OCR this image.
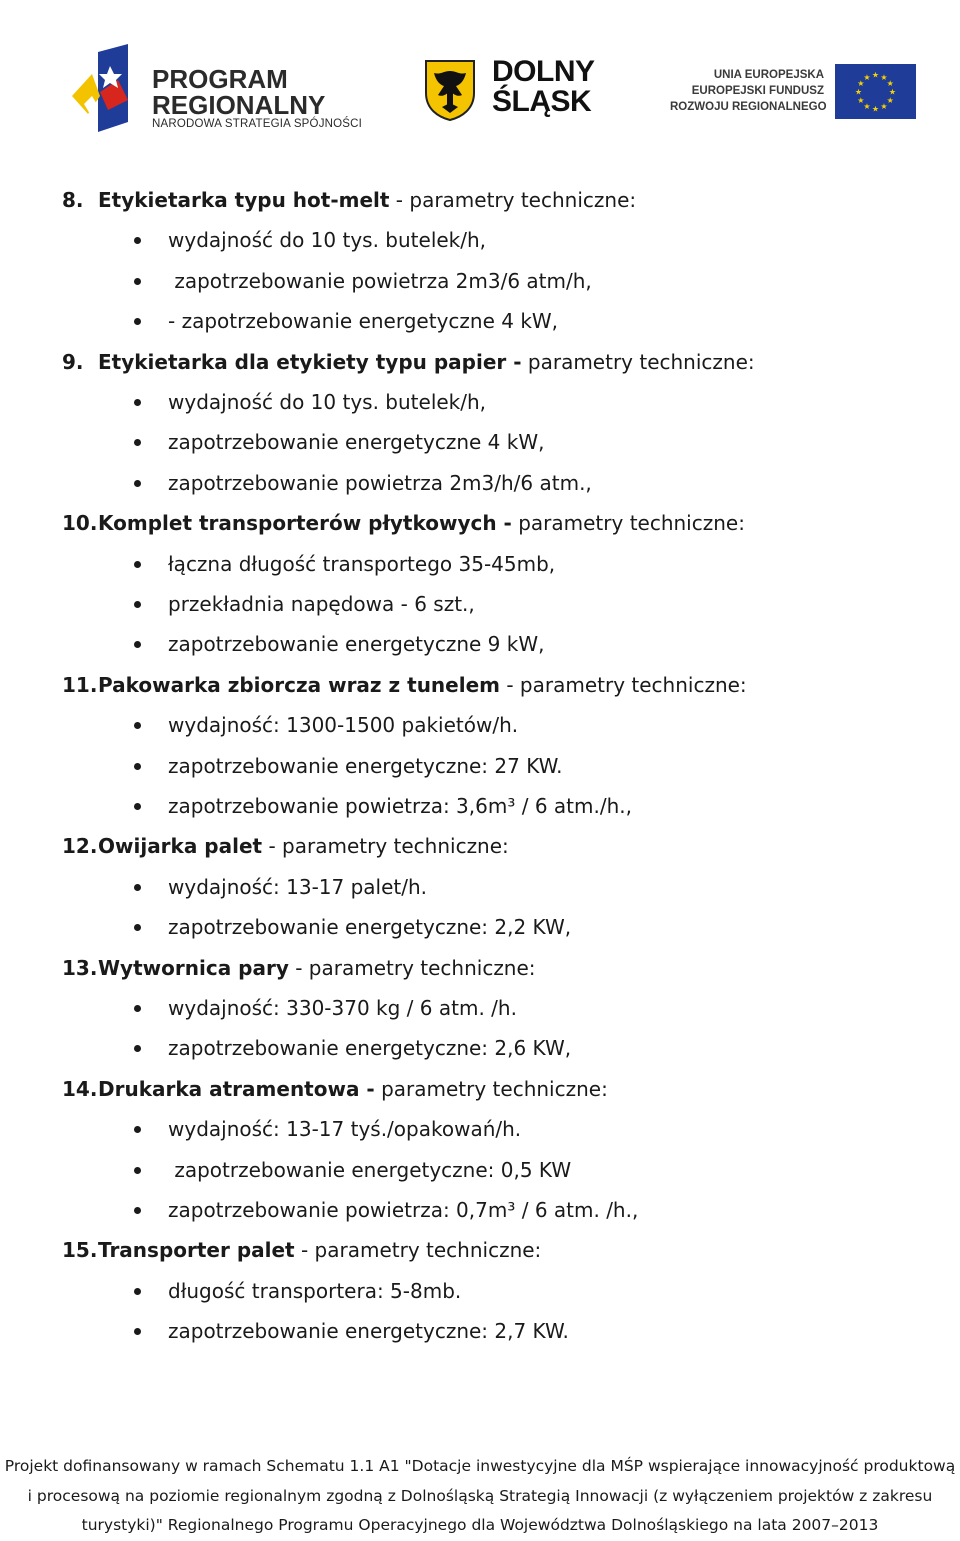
PROGRAM
REGIONALNY
NARODOWA STRATEGIA SPÓJNOŚCI
DOLNY
ŚLĄSK
UNIA EUROPEJSKA
EUROPEJSKI FUNDUSZ
ROZWOJU REGIONALNEGO
★ ★
★
★
★
★
★
★
★
★
★
★
8. Etykietarka typu hot-melt - parametry techniczne:
wydajność do 10 tys. butelek/h,
zapotrzebowanie powietrza 2m3/6 atm/h,
- zapotrzebowanie energetyczne 4 kW,
9. Etykietarka dla etykiety typu papier - parametry techniczne:
wydajność do 10 tys. butelek/h,
zapotrzebowanie energetyczne 4 kW,
zapotrzebowanie powietrza 2m3/h/6 atm.,
10. Komplet transporterów płytkowych - parametry techniczne:
łączna długość transportego 35-45mb,
przekładnia napędowa - 6 szt.,
zapotrzebowanie energetyczne 9 kW,
11. Pakowarka zbiorcza wraz z tunelem - parametry techniczne:
wydajność: 1300-1500 pakietów/h.
zapotrzebowanie energetyczne: 27 KW.
zapotrzebowanie powietrza: 3,6m³ / 6 atm./h.,
12. Owijarka palet - parametry techniczne:
wydajność: 13-17 palet/h.
zapotrzebowanie energetyczne: 2,2 KW,
13. Wytwornica pary - parametry techniczne:
wydajność: 330-370 kg / 6 atm. /h.
zapotrzebowanie energetyczne: 2,6 KW,
14. Drukarka atramentowa - parametry techniczne:
wydajność: 13-17 tyś./opakowań/h.
zapotrzebowanie energetyczne: 0,5 KW
zapotrzebowanie powietrza: 0,7m³ / 6 atm. /h.,
15. Transporter palet - parametry techniczne:
długość transportera: 5-8mb.
zapotrzebowanie energetyczne: 2,7 KW.
Projekt dofinansowany w ramach Schematu 1.1 A1 "Dotacje inwestycyjne dla MŚP wspierające innowacyjność produktową
i procesową na poziomie regionalnym zgodną z Dolnośląską Strategią Innowacji (z wyłączeniem projektów z zakresu
turystyki)" Regionalnego Programu Operacyjnego dla Województwa Dolnośląskiego na lata 2007–2013
